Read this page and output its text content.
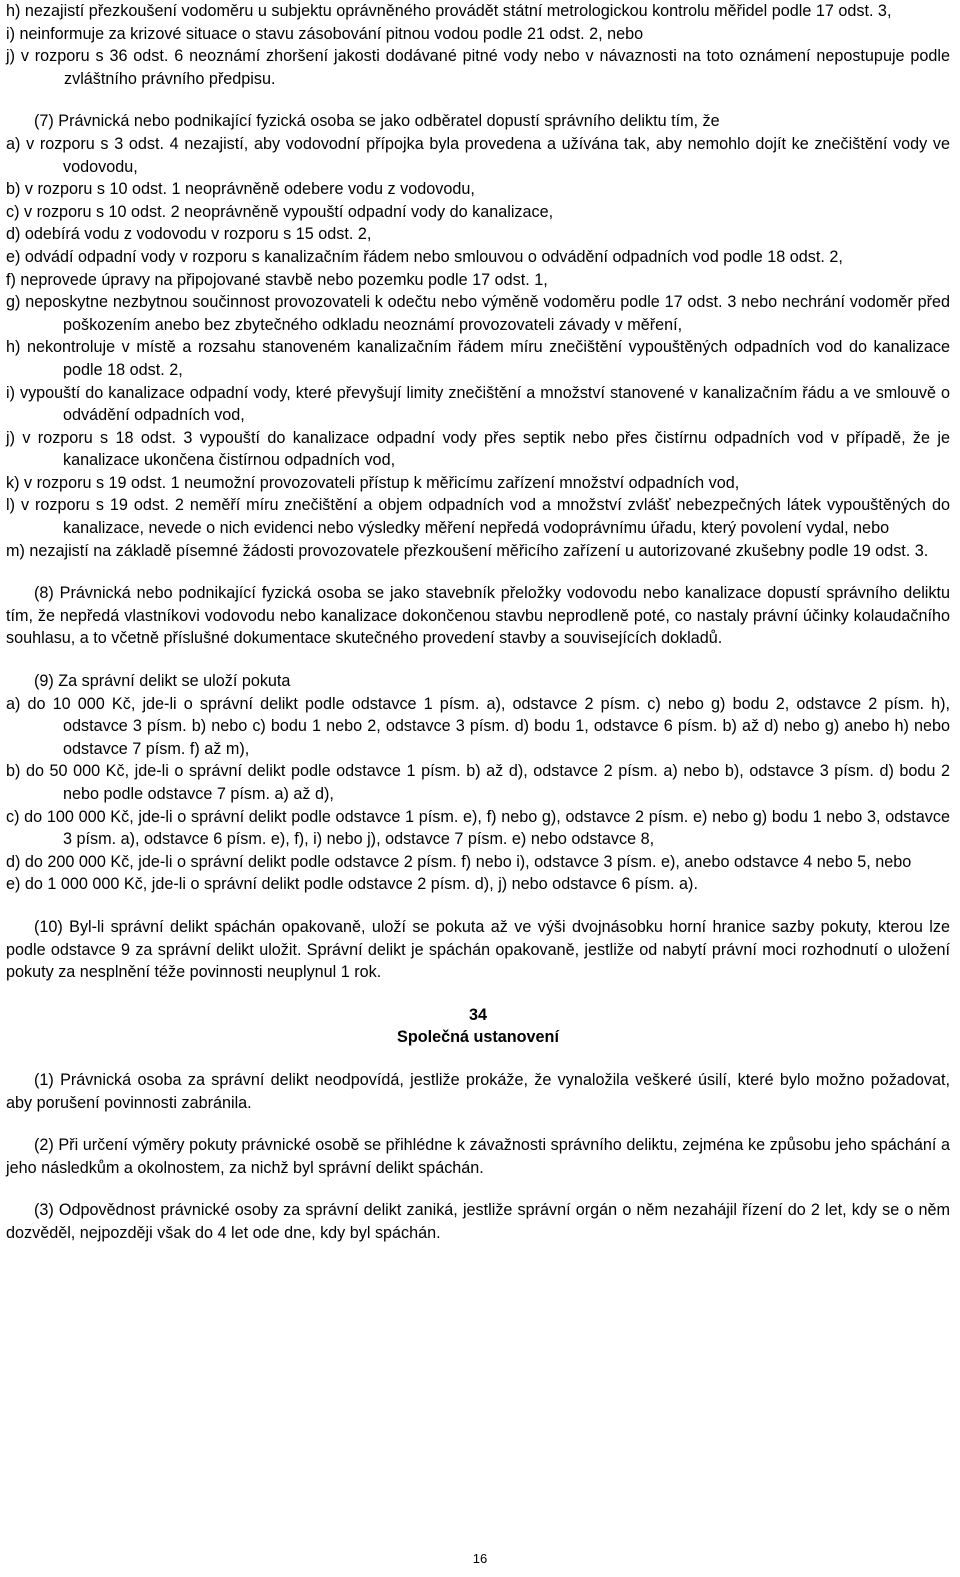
h) nezajistí přezkoušení vodoměru u subjektu oprávněného provádět státní metrologickou kontrolu měřidel podle 17 odst. 3,

i) neinformuje za krizové situace o stavu zásobování pitnou vodou podle 21 odst. 2, nebo

j) v rozporu s 36 odst. 6 neoznámí zhoršení jakosti dodávané pitné vody nebo v návaznosti na toto oznámení nepostupuje podle zvláštního právního předpisu.

(7) Právnická nebo podnikající fyzická osoba se jako odběratel dopustí správního deliktu tím, že

a) v rozporu s 3 odst. 4 nezajistí, aby vodovodní přípojka byla provedena a užívána tak, aby nemohlo dojít ke znečištění vody ve vodovodu,

b) v rozporu s 10 odst. 1 neoprávněně odebere vodu z vodovodu,

c) v rozporu s 10 odst. 2 neoprávněně vypouští odpadní vody do kanalizace,

d) odebírá vodu z vodovodu v rozporu s 15 odst. 2,

e) odvádí odpadní vody v rozporu s kanalizačním řádem nebo smlouvou o odvádění odpadních vod podle 18 odst. 2,

f) neprovede úpravy na připojované stavbě nebo pozemku podle 17 odst. 1,

g) neposkytne nezbytnou součinnost provozovateli k odečtu nebo výměně vodoměru podle 17 odst. 3 nebo nechrání vodoměr před poškozením anebo bez zbytečného odkladu neoznámí provozovateli závady v měření,

h) nekontroluje v místě a rozsahu stanoveném kanalizačním řádem míru znečištění vypouštěných odpadních vod do kanalizace podle 18 odst. 2,

i) vypouští do kanalizace odpadní vody, které převyšují limity znečištění a množství stanovené v kanalizačním řádu a ve smlouvě o odvádění odpadních vod,

j) v rozporu s 18 odst. 3 vypouští do kanalizace odpadní vody přes septik nebo přes čistírnu odpadních vod v případě, že je kanalizace ukončena čistírnou odpadních vod,

k) v rozporu s 19 odst. 1 neumožní provozovateli přístup k měřicímu zařízení množství odpadních vod,

l) v rozporu s 19 odst. 2 neměří míru znečištění a objem odpadních vod a množství zvlášť nebezpečných látek vypouštěných do kanalizace, nevede o nich evidenci nebo výsledky měření nepředá vodoprávnímu úřadu, který povolení vydal, nebo

m) nezajistí na základě písemné žádosti provozovatele přezkoušení měřicího zařízení u autorizované zkušebny podle 19 odst. 3.

(8) Právnická nebo podnikající fyzická osoba se jako stavebník přeložky vodovodu nebo kanalizace dopustí správního deliktu tím, že nepředá vlastníkovi vodovodu nebo kanalizace dokončenou stavbu neprodleně poté, co nastaly právní účinky kolaudačního souhlasu, a to včetně příslušné dokumentace skutečného provedení stavby a souvisejících dokladů.

(9) Za správní delikt se uloží pokuta

a) do 10 000 Kč, jde-li o správní delikt podle odstavce 1 písm. a), odstavce 2 písm. c) nebo g) bodu 2, odstavce 2 písm. h), odstavce 3 písm. b) nebo c) bodu 1 nebo 2, odstavce 3 písm. d) bodu 1, odstavce 6 písm. b) až d) nebo g) anebo h) nebo odstavce 7 písm. f) až m),

b) do 50 000 Kč, jde-li o správní delikt podle odstavce 1 písm. b) až d), odstavce 2 písm. a) nebo b), odstavce 3 písm. d) bodu 2 nebo podle odstavce 7 písm. a) až d),

c) do 100 000 Kč, jde-li o správní delikt podle odstavce 1 písm. e), f) nebo g), odstavce 2 písm. e) nebo g) bodu 1 nebo 3, odstavce 3 písm. a), odstavce 6 písm. e), f), i) nebo j), odstavce 7 písm. e) nebo odstavce 8,

d) do 200 000 Kč, jde-li o správní delikt podle odstavce 2 písm. f) nebo i), odstavce 3 písm. e), anebo odstavce 4 nebo 5, nebo

e) do 1 000 000 Kč, jde-li o správní delikt podle odstavce 2 písm. d), j) nebo odstavce 6 písm. a).

(10) Byl-li správní delikt spáchán opakovaně, uloží se pokuta až ve výši dvojnásobku horní hranice sazby pokuty, kterou lze podle odstavce 9 za správní delikt uložit. Správní delikt je spáchán opakovaně, jestliže od nabytí právní moci rozhodnutí o uložení pokuty za nesplnění téže povinnosti neuplynul 1 rok.

34

Společná ustanovení

(1) Právnická osoba za správní delikt neodpovídá, jestliže prokáže, že vynaložila veškeré úsilí, které bylo možno požadovat, aby porušení povinnosti zabránila.

(2) Při určení výměry pokuty právnické osobě se přihlédne k závažnosti správního deliktu, zejména ke způsobu jeho spáchání a jeho následkům a okolnostem, za nichž byl správní delikt spáchán.

(3) Odpovědnost právnické osoby za správní delikt zaniká, jestliže správní orgán o něm nezahájil řízení do 2 let, kdy se o něm dozvěděl, nejpozději však do 4 let ode dne, kdy byl spáchán.

16
